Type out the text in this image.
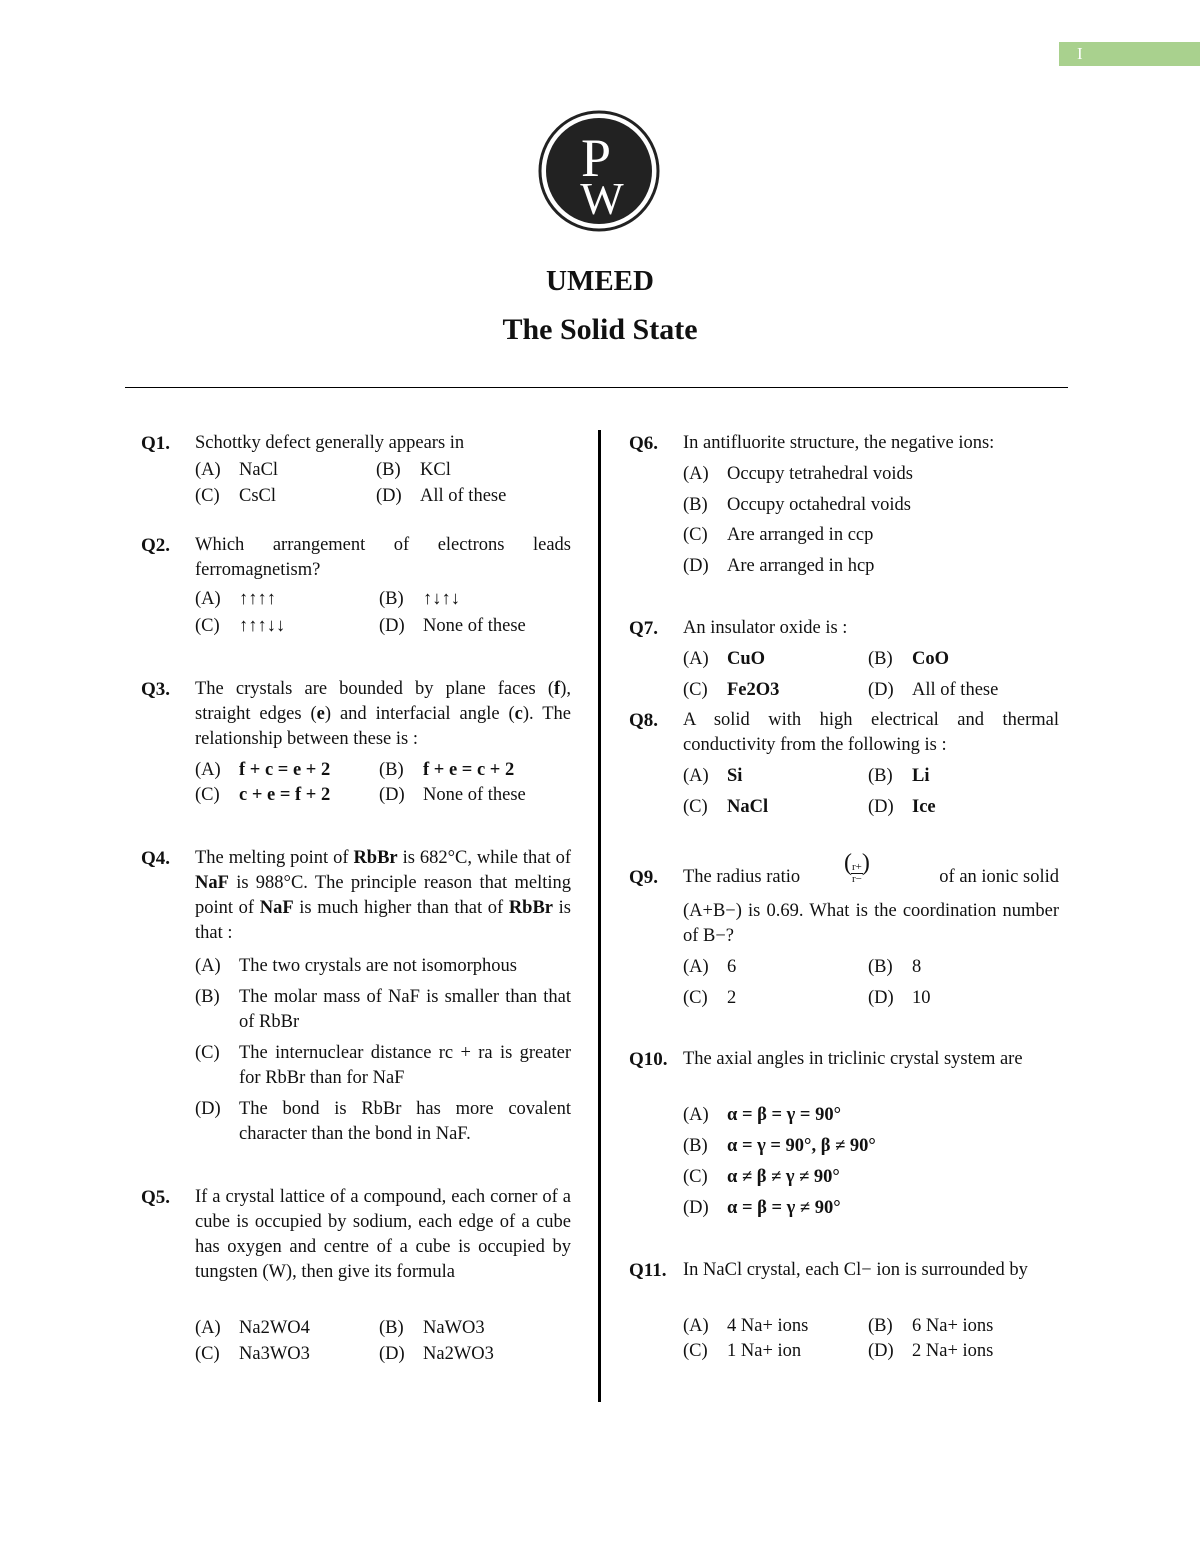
I
P
W
UMEED
The Solid State
Q1. Schottky defect generally appears in
(A) NaCl	(B) KCl
(C) CsCl	(D) All of these
Q2. Which arrangement of electrons leads ferromagnetism?
(A) ↑↑↑↑	(B) ↑↓↑↓
(C) ↑↑↑↓↓	(D) None of these
Q3. The crystals are bounded by plane faces (f), straight edges (e) and interfacial angle (c). The relationship between these is :
(A) f + c = e + 2	(B) f + e = c + 2
(C) c + e = f + 2	(D) None of these
Q4. The melting point of RbBr is 682°C, while that of NaF is 988°C. The principle reason that melting point of NaF is much higher than that of RbBr is that :
(A) The two crystals are not isomorphous
(B) The molar mass of NaF is smaller than that of RbBr
(C) The internuclear distance rc + ra is greater for RbBr than for NaF
(D) The bond is RbBr has more covalent character than the bond in NaF.
Q5. If a crystal lattice of a compound, each corner of a cube is occupied by sodium, each edge of a cube has oxygen and centre of a cube is occupied by tungsten (W), then give its formula
(A) Na2WO4	(B) NaWO3
(C) Na3WO3	(D) Na2WO3
Q6. In antifluorite structure, the negative ions:
(A) Occupy tetrahedral voids
(B) Occupy octahedral voids
(C) Are arranged in ccp
(D) Are arranged in hcp
Q7. An insulator oxide is :
(A) CuO	(B) CoO
(C) Fe2O3	(D) All of these
Q8. A solid with high electrical and thermal conductivity from the following is :
(A) Si	(B) Li
(C) NaCl	(D) Ice
Q9. The radius ratio
(	$\frac{r+}{r-}$
)	of an ionic solid
(A+B−) is 0.69. What is the coordination number of B−?
(A) 6	(B) 8
(C) 2	(D) 10
Q10. The axial angles in triclinic crystal system are
(A) α = β = γ = 90°
(B) α = γ = 90°, β ≠ 90°
(C) α ≠ β ≠ γ ≠ 90°
(D) α = β = γ ≠ 90°
Q11. In NaCl crystal, each Cl− ion is surrounded by
(A) 4 Na+ ions	(B) 6 Na+ ions
(C) 1 Na+ ion	(D) 2 Na+ ions
